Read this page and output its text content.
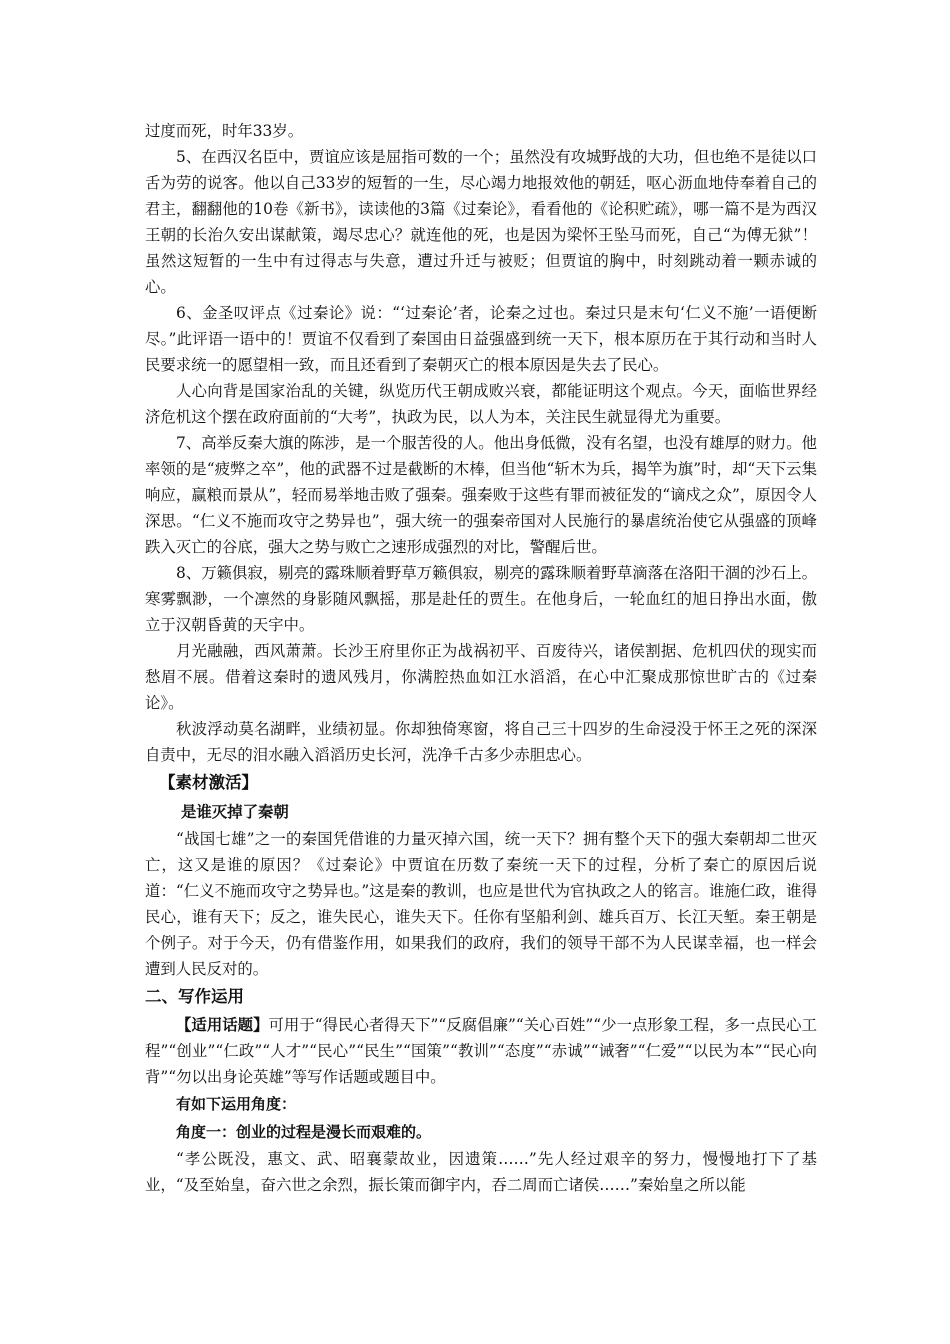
过度而死，时年33岁。

5、在西汉名臣中，贾谊应该是屈指可数的一个；虽然没有攻城野战的大功，但也绝不是徒以口舌为劳的说客。他以自己33岁的短暂的一生，尽心竭力地报效他的朝廷，呕心沥血地侍奉着自己的君主，翻翻他的10卷《新书》，读读他的3篇《过秦论》，看看他的《论积贮疏》，哪一篇不是为西汉王朝的长治久安出谋献策，竭尽忠心？就连他的死，也是因为梁怀王坠马而死，自己“为傅无狱”！虽然这短暂的一生中有过得志与失意，遭过升迁与被贬；但贾谊的胸中，时刻跳动着一颗赤诚的心。

6、金圣叹评点《过秦论》说：“‘过秦论’者，论秦之过也。秦过只是末句‘仁义不施’一语便断尽。”此评语一语中的！贾谊不仅看到了秦国由日益强盛到统一天下，根本原历在于其行动和当时人民要求统一的愿望相一致，而且还看到了秦朝灭亡的根本原因是失去了民心。

人心向背是国家治乱的关键，纵览历代王朝成败兴衰，都能证明这个观点。今天，面临世界经济危机这个摆在政府面前的“大考”，执政为民，以人为本，关注民生就显得尤为重要。

7、高举反秦大旗的陈涉，是一个服苦役的人。他出身低微，没有名望，也没有雄厚的财力。他率领的是“疲弊之卒”，他的武器不过是截断的木棒，但当他“斩木为兵，揭竿为旗”时，却“天下云集响应，赢粮而景从”，轻而易举地击败了强秦。强秦败于这些有罪而被征发的“谪戍之众”，原因令人深思。“仁义不施而攻守之势异也”，强大统一的强秦帝国对人民施行的暴虐统治使它从强盛的顶峰跌入灭亡的谷底，强大之势与败亡之速形成强烈的对比，警醒后世。

8、万籁俱寂，剔亮的露珠顺着野草万籁俱寂，剔亮的露珠顺着野草滴落在洛阳干涸的沙石上。寒雾飘渺，一个凛然的身影随风飘摇，那是赴任的贾生。在他身后，一轮血红的旭日挣出水面，傲立于汉朝昏黄的天宇中。

月光融融，西风萧萧。长沙王府里你正为战祸初平、百废待兴，诸侯割据、危机四伏的现实而愁眉不展。借着这秦时的遗风残月，你满腔热血如江水滔滔，在心中汇聚成那惊世旷古的《过秦论》。

秋波浮动莫名湖畔，业绩初显。你却独倚寒窗，将自己三十四岁的生命浸没于怀王之死的深深自责中，无尽的泪水融入滔滔历史长河，洗净千古多少赤胆忠心。

【素材激活】

是谁灭掉了秦朝

“战国七雄”之一的秦国凭借谁的力量灭掉六国，统一天下？拥有整个天下的强大秦朝却二世灭亡，这又是谁的原因？《过秦论》中贾谊在历数了秦统一天下的过程，分析了秦亡的原因后说道：“仁义不施而攻守之势异也。”这是秦的教训，也应是世代为官执政之人的铭言。谁施仁政，谁得民心，谁有天下；反之，谁失民心，谁失天下。任你有坚船利剑、雄兵百万、长江天堑。秦王朝是个例子。对于今天，仍有借鉴作用，如果我们的政府，我们的领导干部不为人民谋幸福，也一样会遭到人民反对的。

二、写作运用

【适用话题】可用于“得民心者得天下”“反腐倡廉”“关心百姓”“少一点形象工程，多一点民心工程”“创业”“仁政”“人才”“民心”“民生”“国策”“教训”“态度”“赤诚”“诫奢”“仁爱”“以民为本”“民心向背”“勿以出身论英雄”等写作话题或题目中。

有如下运用角度：

角度一：创业的过程是漫长而艰难的。

“孝公既没，惠文、武、昭襄蒙故业，因遗策……”先人经过艰辛的努力，慢慢地打下了基业，“及至始皇，奋六世之余烈，振长策而御宇内，吞二周而亡诸侯……”秦始皇之所以能
